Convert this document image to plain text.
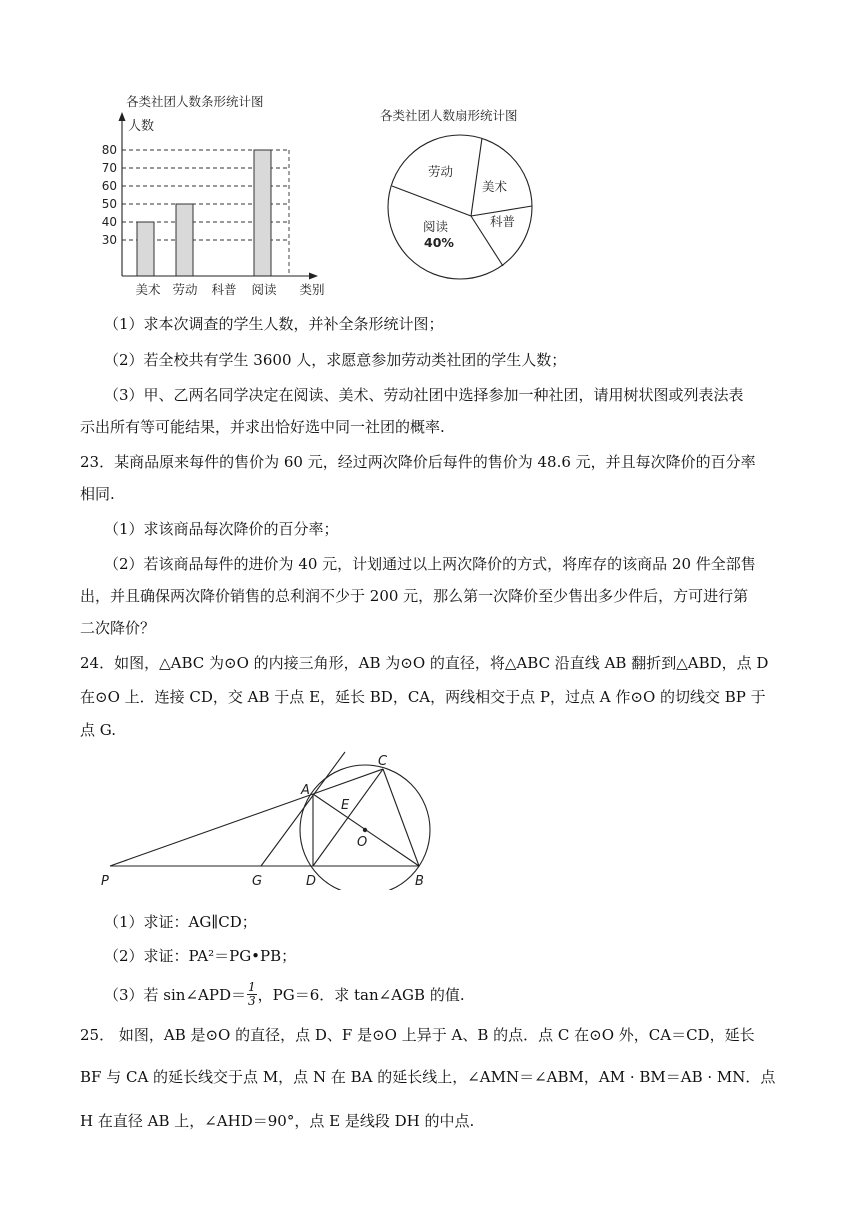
各类社团人数条形统计图
人数
80
70
60
50
40
30
美术 劳动 科普 阅读 类别
各类社团人数扇形统计图
劳动
美术
科普
阅读
40%
（1）求本次调查的学生人数，并补全条形统计图；
（2）若全校共有学生 3600 人，求愿意参加劳动类社团的学生人数；
（3）甲、乙两名同学决定在阅读、美术、劳动社团中选择参加一种社团，请用树状图或列表法表
示出所有等可能结果，并求出恰好选中同一社团的概率.
23．某商品原来每件的售价为 60 元，经过两次降价后每件的售价为 48.6 元，并且每次降价的百分率
相同.
（1）求该商品每次降价的百分率；
（2）若该商品每件的进价为 40 元，计划通过以上两次降价的方式，将库存的该商品 20 件全部售
出，并且确保两次降价销售的总利润不少于 200 元，那么第一次降价至少售出多少件后，方可进行第
二次降价？
24．如图，△ABC 为⊙O 的内接三角形，AB 为⊙O 的直径，将△ABC 沿直线 AB 翻折到△ABD，点 D
在⊙O 上．连接 CD，交 AB 于点 E，延长 BD，CA，两线相交于点 P，过点 A 作⊙O 的切线交 BP 于
点 G.
A
C
E
O
P	G	D	B
（1）求证：AG∥CD；
（2）求证：PA²＝PG•PB；
（3）若 sin∠APD＝ $\frac{1}{3}$ ，PG＝6．求 tan∠AGB 的值.
25． 如图，AB 是⊙O 的直径，点 D、F 是⊙O 上异于 A、B 的点．点 C 在⊙O 外，CA＝CD，延长
BF 与 CA 的延长线交于点 M，点 N 在 BA 的延长线上，∠AMN＝∠ABM，AM · BM＝AB · MN．点
H 在直径 AB 上，∠AHD＝90°，点 E 是线段 DH 的中点.
